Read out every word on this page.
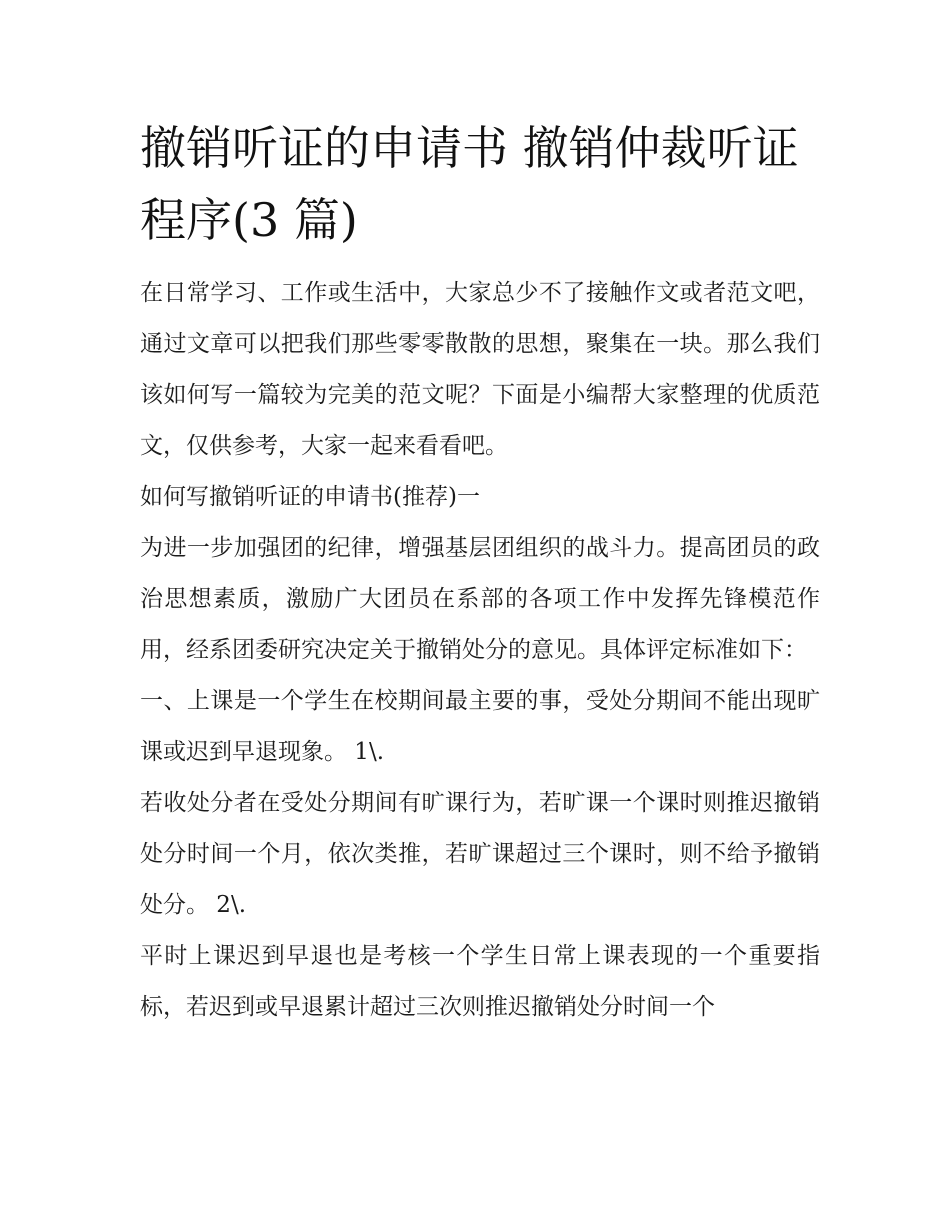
撤销听证的申请书 撤销仲裁听证程序(3 篇)

在日常学习、工作或生活中，大家总少不了接触作文或者范文吧，通过文章可以把我们那些零零散散的思想，聚集在一块。那么我们该如何写一篇较为完美的范文呢？下面是小编帮大家整理的优质范文，仅供参考，大家一起来看看吧。

如何写撤销听证的申请书(推荐)一

为进一步加强团的纪律，增强基层团组织的战斗力。提高团员的政治思想素质，激励广大团员在系部的各项工作中发挥先锋模范作用，经系团委研究决定关于撤销处分的意见。具体评定标准如下：

一、上课是一个学生在校期间最主要的事，受处分期间不能出现旷课或迟到早退现象。 1\.

若收处分者在受处分期间有旷课行为，若旷课一个课时则推迟撤销处分时间一个月，依次类推，若旷课超过三个课时，则不给予撤销处分。 2\.

平时上课迟到早退也是考核一个学生日常上课表现的一个重要指标，若迟到或早退累计超过三次则推迟撤销处分时间一个
